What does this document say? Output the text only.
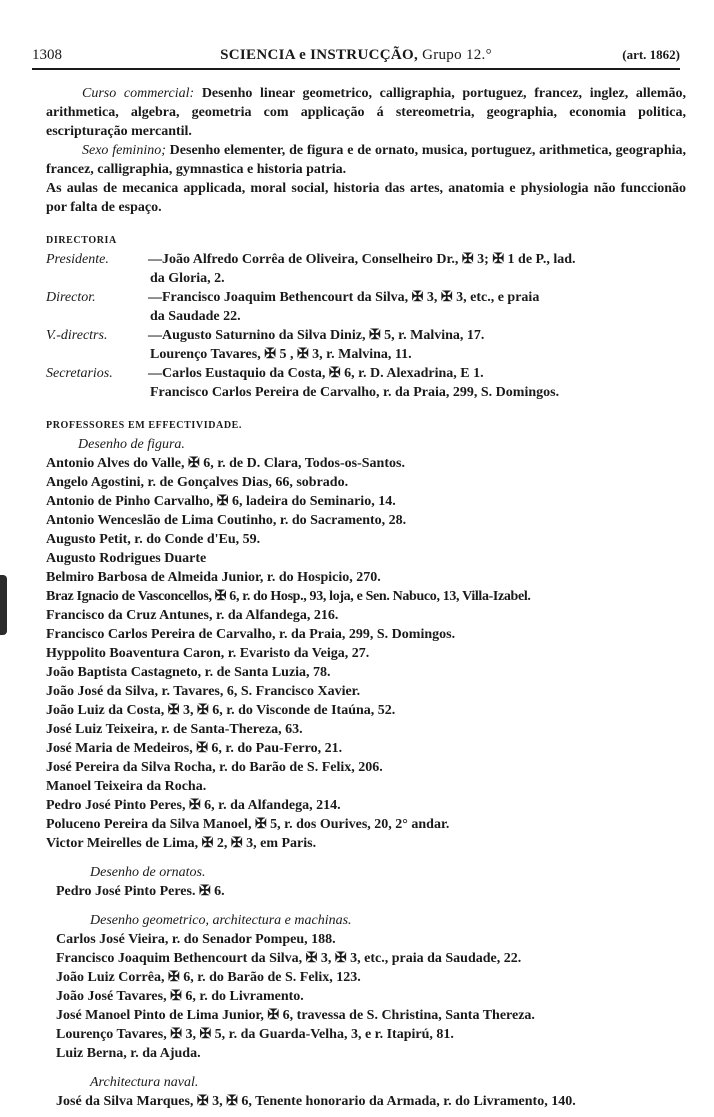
1308	SCIENCIA e INSTRUCÇÃO, Grupo 12.°	(art. 1862)
Curso commercial: Desenho linear geometrico, calligraphia, portuguez, francez, inglez, allemão, arithmetica, algebra, geometria com applicação á stereometria, geographia, economia politica, escripturação mercantil.
Sexo feminino; Desenho elementer, de figura e de ornato, musica, portuguez, arithmetica, geographia, francez, calligraphia, gymnastica e historia patria.
As aulas de mecanica applicada, moral social, historia das artes, anatomia e physiologia não funccionão por falta de espaço.
DIRECTORIA
Presidente.	—João Alfredo Corrêa de Oliveira, Conselheiro Dr., ✠ 3; ✠ 1 de P., lad.
da Gloria, 2.
Director.	—Francisco Joaquim Bethencourt da Silva, ✠ 3, ✠ 3, etc., e praia
da Saudade 22.
V.-directrs.	—Augusto Saturnino da Silva Diniz, ✠ 5, r. Malvina, 17.
Lourenço Tavares, ✠ 5 , ✠ 3, r. Malvina, 11.
Secretarios.	—Carlos Eustaquio da Costa, ✠ 6, r. D. Alexadrina, E 1.
Francisco Carlos Pereira de Carvalho, r. da Praia, 299, S. Domingos.
PROFESSORES EM EFFECTIVIDADE.
Desenho de figura.
Antonio Alves do Valle, ✠ 6, r. de D. Clara, Todos-os-Santos.
Angelo Agostini, r. de Gonçalves Dias, 66, sobrado.
Antonio de Pinho Carvalho, ✠ 6, ladeira do Seminario, 14.
Antonio Wenceslão de Lima Coutinho, r. do Sacramento, 28.
Augusto Petit, r. do Conde d'Eu, 59.
Augusto Rodrigues Duarte
Belmiro Barbosa de Almeida Junior, r. do Hospicio, 270.
Braz Ignacio de Vasconcellos, ✠ 6, r. do Hosp., 93, loja, e Sen. Nabuco, 13, Villa-Izabel.
Francisco da Cruz Antunes, r. da Alfandega, 216.
Francisco Carlos Pereira de Carvalho, r. da Praia, 299, S. Domingos.
Hyppolito Boaventura Caron, r. Evaristo da Veiga, 27.
João Baptista Castagneto, r. de Santa Luzia, 78.
João José da Silva, r. Tavares, 6, S. Francisco Xavier.
João Luiz da Costa, ✠ 3, ✠ 6, r. do Visconde de Itaúna, 52.
José Luiz Teixeira, r. de Santa-Thereza, 63.
José Maria de Medeiros, ✠ 6, r. do Pau-Ferro, 21.
José Pereira da Silva Rocha, r. do Barão de S. Felix, 206.
Manoel Teixeira da Rocha.
Pedro José Pinto Peres, ✠ 6, r. da Alfandega, 214.
Poluceno Pereira da Silva Manoel, ✠ 5, r. dos Ourives, 20, 2° andar.
Victor Meirelles de Lima, ✠ 2, ✠ 3, em Paris.
Desenho de ornatos.
Pedro José Pinto Peres. ✠ 6.
Desenho geometrico, architectura e machinas.
Carlos José Vieira, r. do Senador Pompeu, 188.
Francisco Joaquim Bethencourt da Silva, ✠ 3, ✠ 3, etc., praia da Saudade, 22.
João Luiz Corrêa, ✠ 6, r. do Barão de S. Felix, 123.
João José Tavares, ✠ 6, r. do Livramento.
José Manoel Pinto de Lima Junior, ✠ 6, travessa de S. Christina, Santa Thereza.
Lourenço Tavares, ✠ 3, ✠ 5, r. da Guarda-Velha, 3, e r. Itapirú, 81.
Luiz Berna, r. da Ajuda.
Architectura naval.
José da Silva Marques, ✠ 3, ✠ 6, Tenente honorario da Armada, r. do Livramento, 140.
